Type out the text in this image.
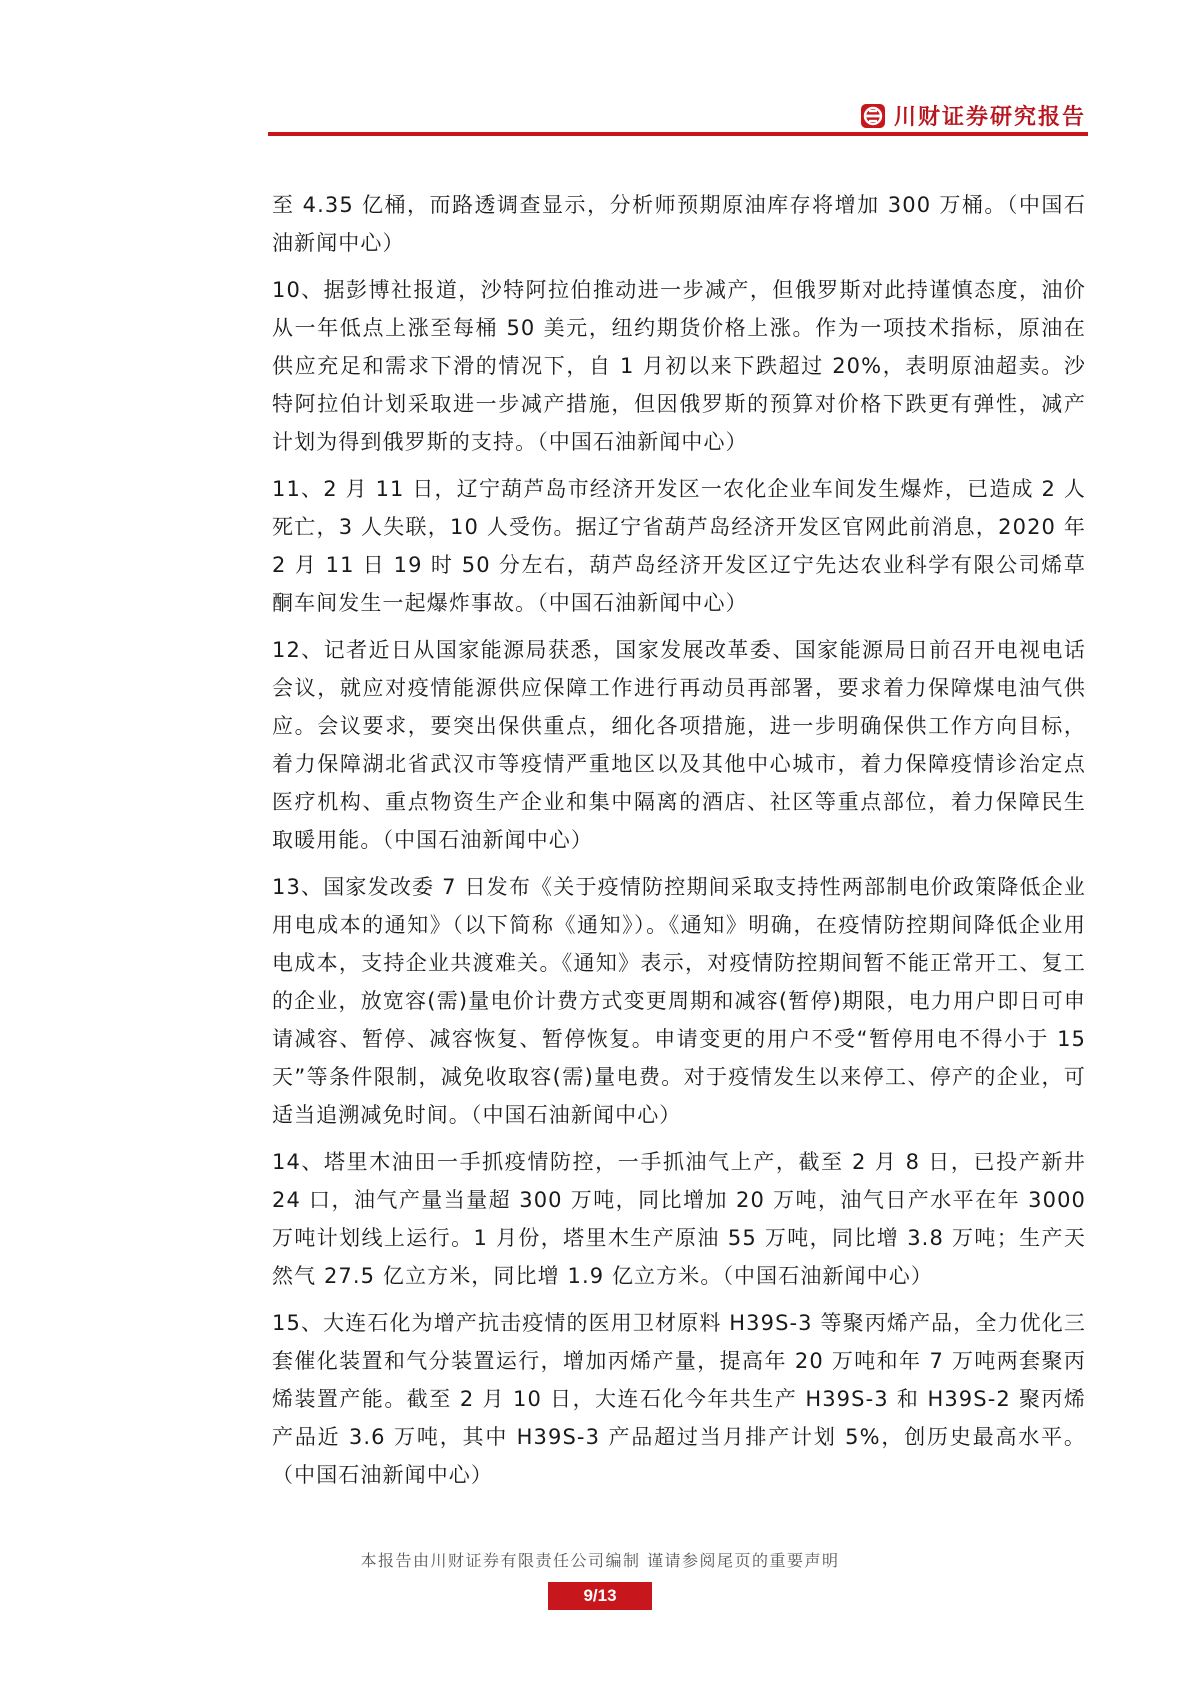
川财证券研究报告

至 4.35 亿桶，而路透调查显示，分析师预期原油库存将增加 300 万桶。（中国石油新闻中心）

10、据彭博社报道，沙特阿拉伯推动进一步减产，但俄罗斯对此持谨慎态度，油价从一年低点上涨至每桶 50 美元，纽约期货价格上涨。作为一项技术指标，原油在供应充足和需求下滑的情况下，自 1 月初以来下跌超过 20%，表明原油超卖。沙特阿拉伯计划采取进一步减产措施，但因俄罗斯的预算对价格下跌更有弹性，减产计划为得到俄罗斯的支持。（中国石油新闻中心）

11、2 月 11 日，辽宁葫芦岛市经济开发区一农化企业车间发生爆炸，已造成 2 人死亡，3 人失联，10 人受伤。据辽宁省葫芦岛经济开发区官网此前消息，2020 年 2 月 11 日 19 时 50 分左右，葫芦岛经济开发区辽宁先达农业科学有限公司烯草酮车间发生一起爆炸事故。（中国石油新闻中心）

12、记者近日从国家能源局获悉，国家发展改革委、国家能源局日前召开电视电话会议，就应对疫情能源供应保障工作进行再动员再部署，要求着力保障煤电油气供应。会议要求，要突出保供重点，细化各项措施，进一步明确保供工作方向目标，着力保障湖北省武汉市等疫情严重地区以及其他中心城市，着力保障疫情诊治定点医疗机构、重点物资生产企业和集中隔离的酒店、社区等重点部位，着力保障民生取暖用能。（中国石油新闻中心）

13、国家发改委 7 日发布《关于疫情防控期间采取支持性两部制电价政策降低企业用电成本的通知》（以下简称《通知》）。《通知》明确，在疫情防控期间降低企业用电成本，支持企业共渡难关。《通知》表示，对疫情防控期间暂不能正常开工、复工的企业，放宽容(需)量电价计费方式变更周期和减容(暂停)期限，电力用户即日可申请减容、暂停、减容恢复、暂停恢复。申请变更的用户不受“暂停用电不得小于 15 天”等条件限制，减免收取容(需)量电费。对于疫情发生以来停工、停产的企业，可适当追溯减免时间。（中国石油新闻中心）

14、塔里木油田一手抓疫情防控，一手抓油气上产，截至 2 月 8 日，已投产新井 24 口，油气产量当量超 300 万吨，同比增加 20 万吨，油气日产水平在年 3000 万吨计划线上运行。1 月份，塔里木生产原油 55 万吨，同比增 3.8 万吨；生产天然气 27.5 亿立方米，同比增 1.9 亿立方米。（中国石油新闻中心）

15、大连石化为增产抗击疫情的医用卫材原料 H39S-3 等聚丙烯产品，全力优化三套催化装置和气分装置运行，增加丙烯产量，提高年 20 万吨和年 7 万吨两套聚丙烯装置产能。截至 2 月 10 日，大连石化今年共生产 H39S-3 和 H39S-2 聚丙烯产品近 3.6 万吨，其中 H39S-3 产品超过当月排产计划 5%，创历史最高水平。（中国石油新闻中心）

本报告由川财证券有限责任公司编制 谨请参阅尾页的重要声明
9/13
